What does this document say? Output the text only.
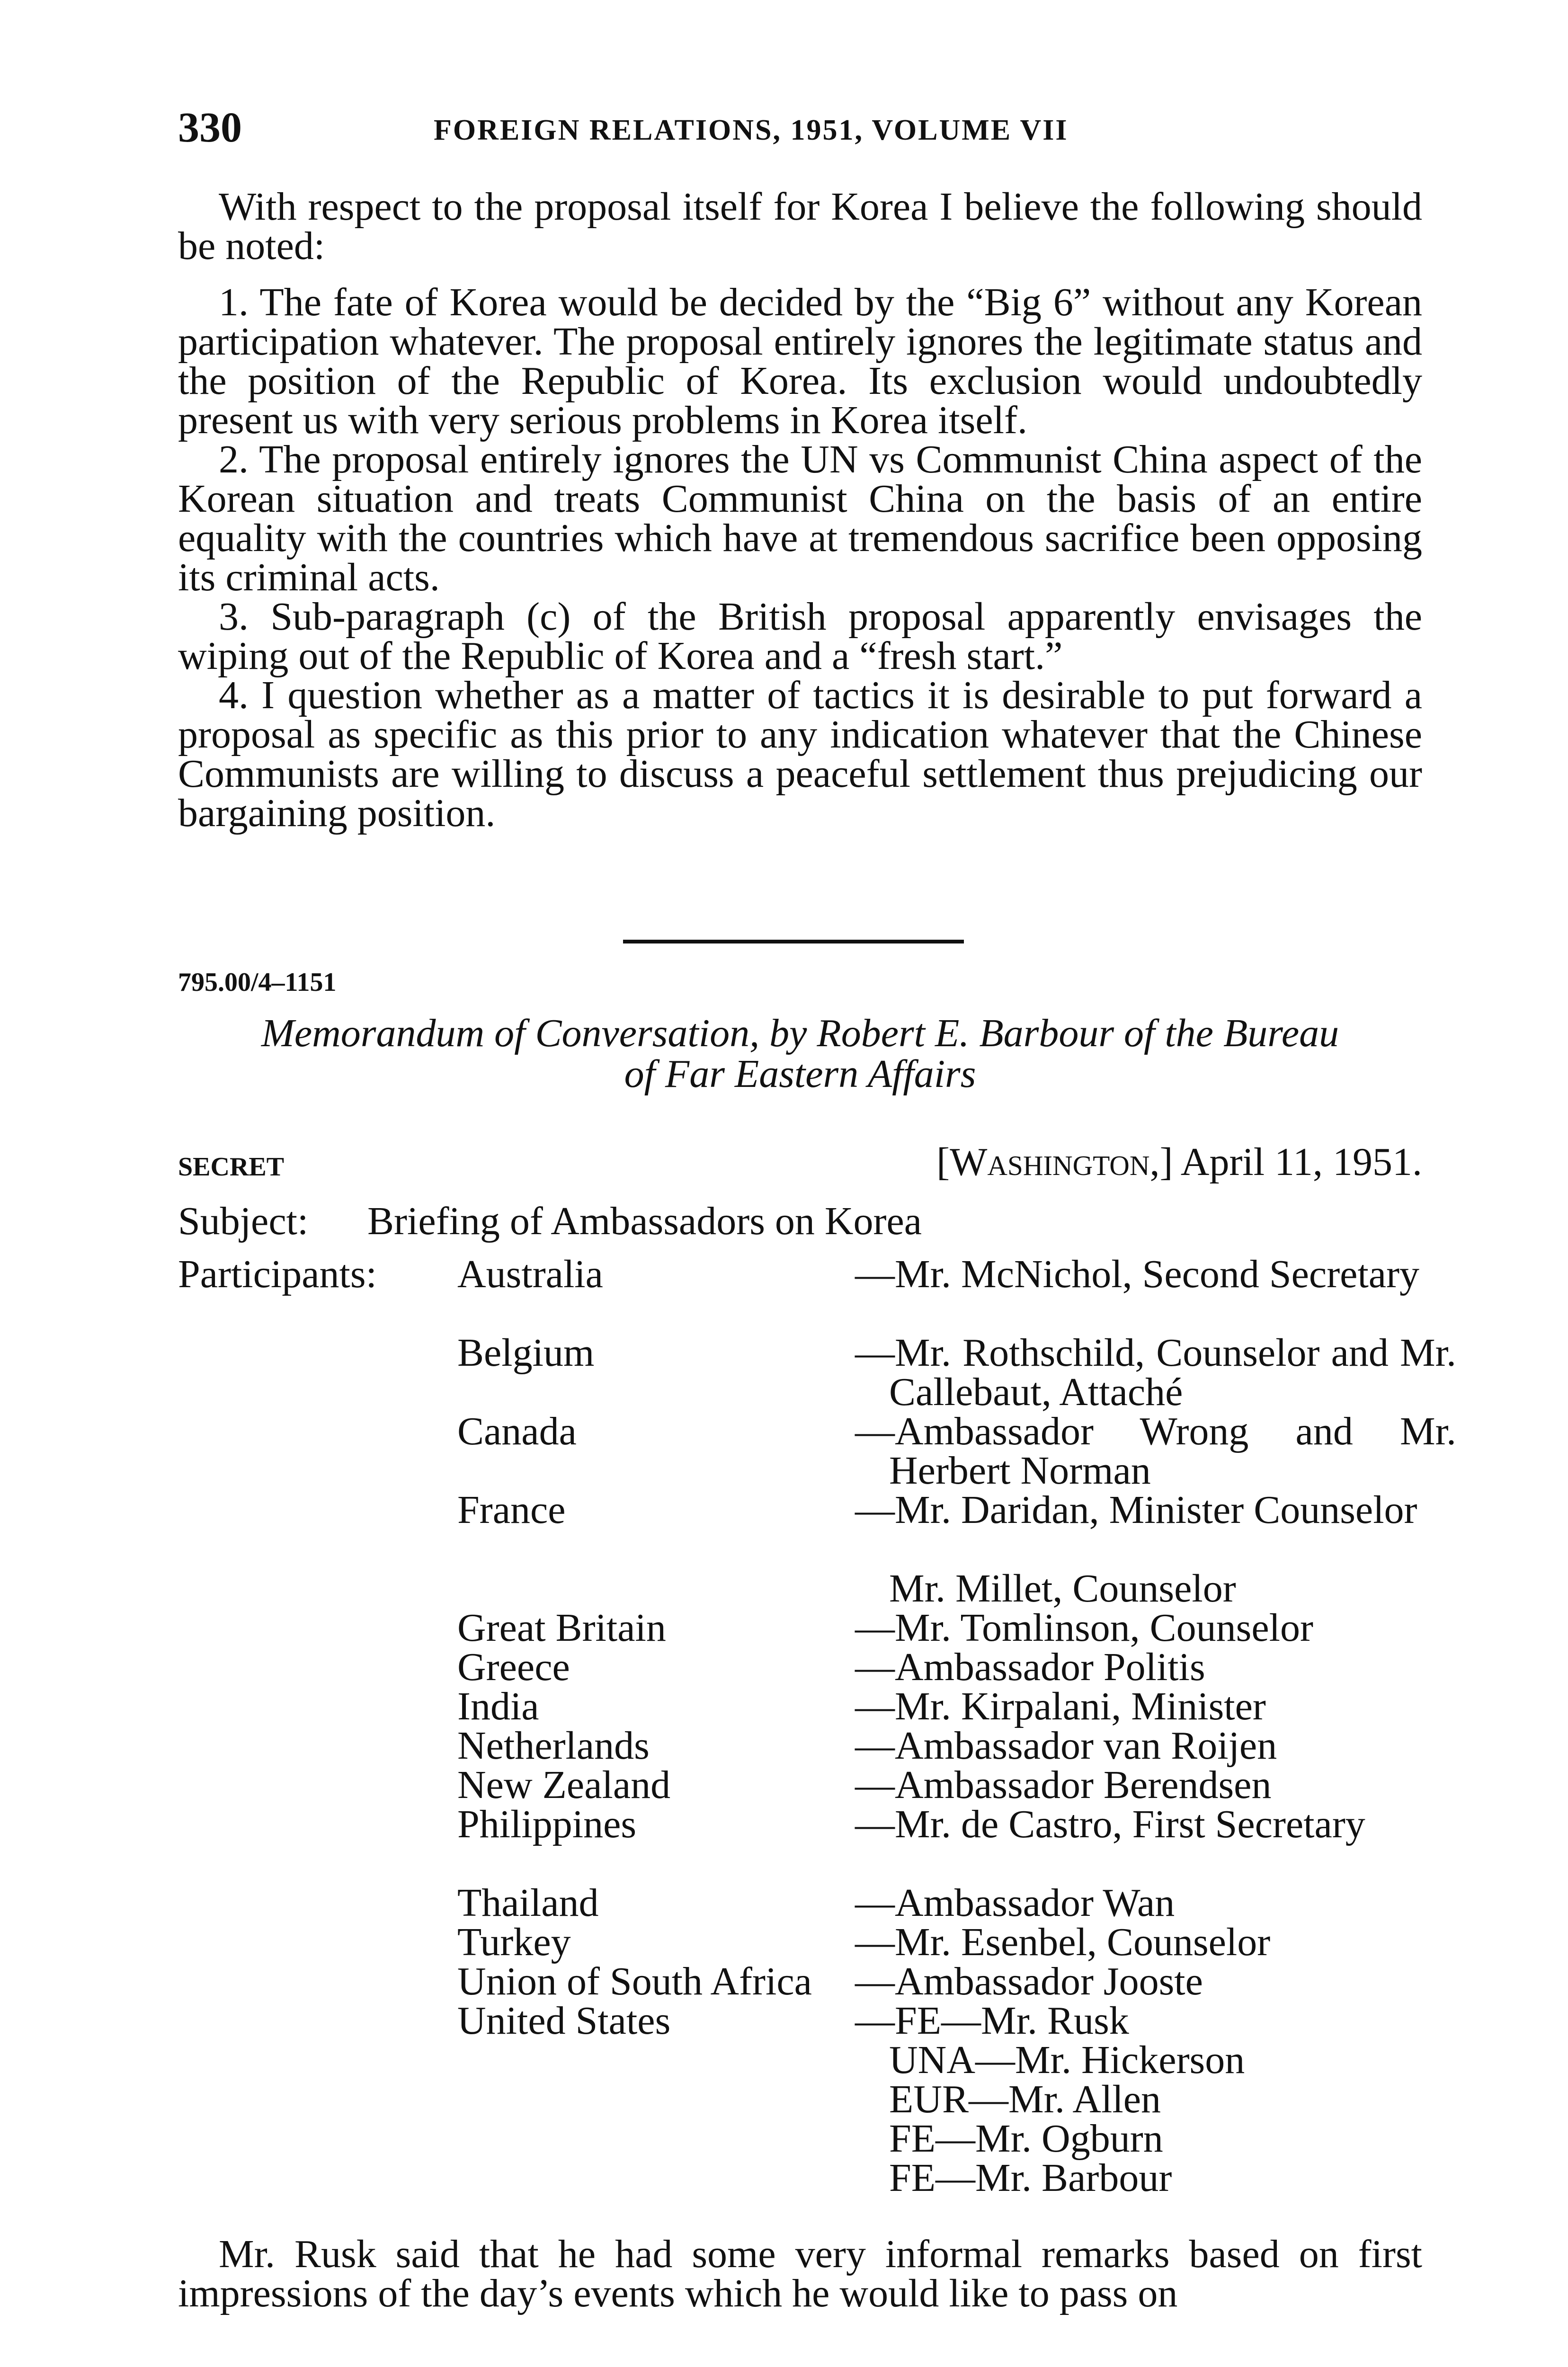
330	FOREIGN RELATIONS, 1951, VOLUME VII

With respect to the proposal itself for Korea I believe the following should be noted:

1. The fate of Korea would be decided by the “Big 6” without any Korean participation whatever. The proposal entirely ignores the legitimate status and the position of the Republic of Korea. Its exclusion would undoubtedly present us with very serious problems in Korea itself.

2. The proposal entirely ignores the UN vs Communist China aspect of the Korean situation and treats Communist China on the basis of an entire equality with the countries which have at tremendous sacrifice been opposing its criminal acts.

3. Sub-paragraph (c) of the British proposal apparently envisages the wiping out of the Republic of Korea and a “fresh start.”

4. I question whether as a matter of tactics it is desirable to put forward a proposal as specific as this prior to any indication whatever that the Chinese Communists are willing to discuss a peaceful settlement thus prejudicing our bargaining position.

795.00/4–1151
Memorandum of Conversation, by Robert E. Barbour of the Bureau
of Far Eastern Affairs
SECRET	[Washington,] April 11, 1951.
Subject: Briefing of Ambassadors on Korea
Participants: Australia	—Mr. McNichol, Second Secretary
Belgium	—Mr. Rothschild, Counselor and Mr. Callebaut, Attaché
Canada	—Ambassador Wrong and Mr. Herbert Norman
France	—Mr. Daridan, Minister Counselor
Mr. Millet, Counselor
Great Britain	—Mr. Tomlinson, Counselor
Greece	—Ambassador Politis
India	—Mr. Kirpalani, Minister
Netherlands	—Ambassador van Roijen
New Zealand	—Ambassador Berendsen
Philippines	—Mr. de Castro, First Secretary
Thailand	—Ambassador Wan
Turkey	—Mr. Esenbel, Counselor
Union of South Africa —Ambassador Jooste
United States	—FE—Mr. Rusk
UNA—Mr. Hickerson
EUR—Mr. Allen
FE—Mr. Ogburn
FE—Mr. Barbour

Mr. Rusk said that he had some very informal remarks based on first impressions of the day’s events which he would like to pass on
